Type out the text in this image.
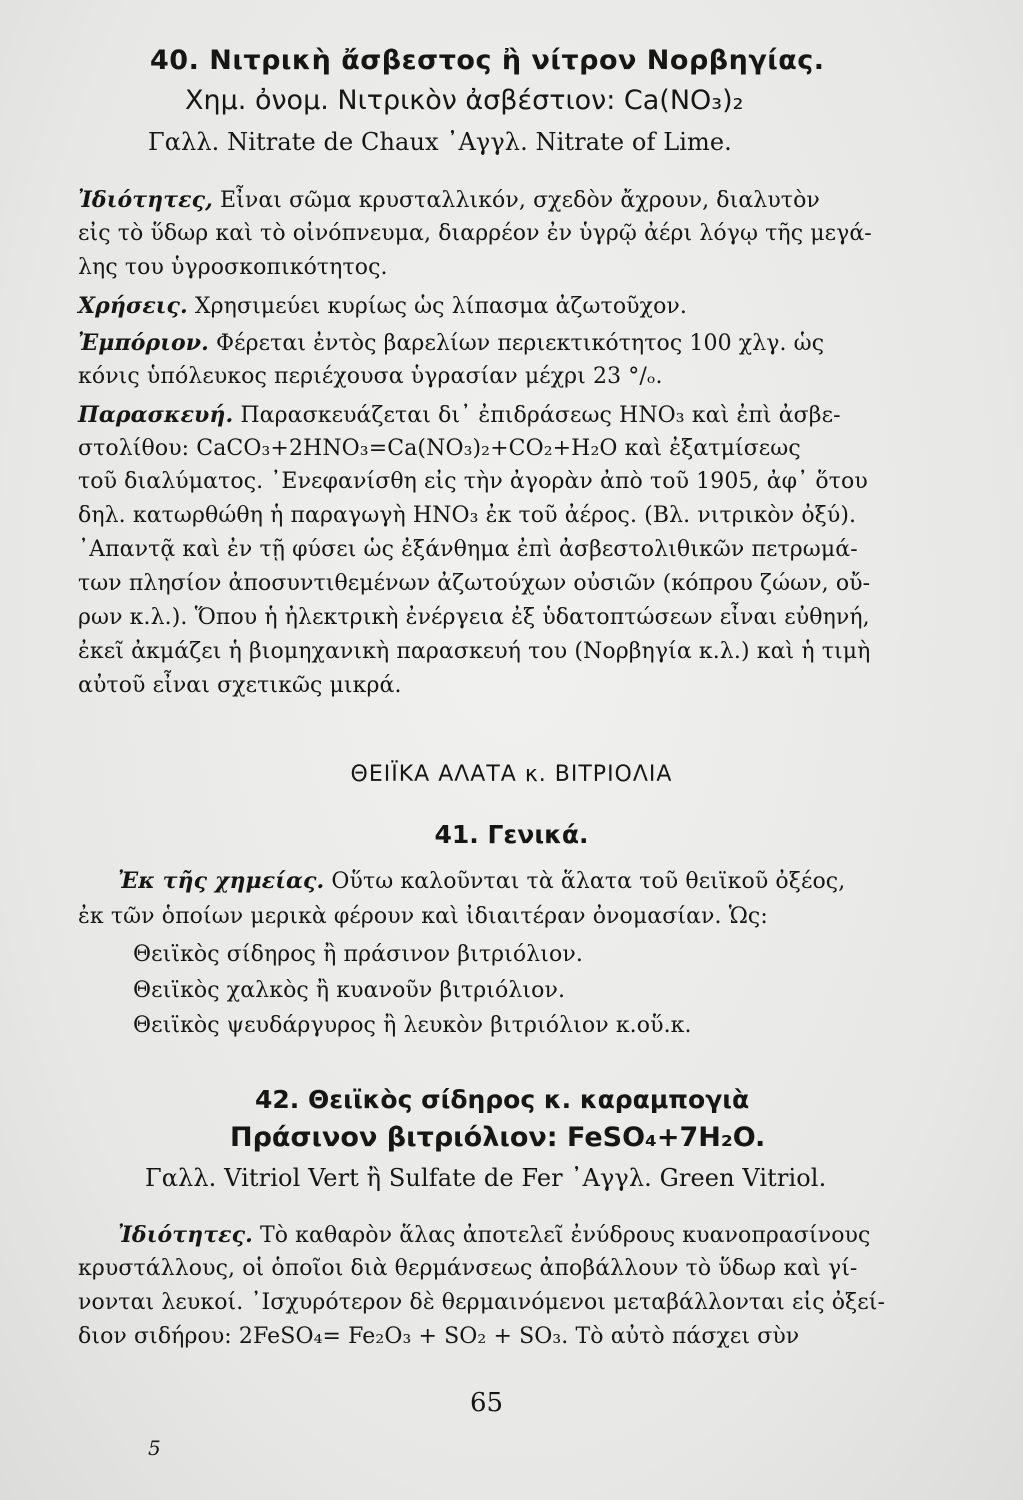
40. Νιτρικὴ ἄσβεστος ἢ νίτρον Νορβηγίας.
Χημ. ὀνομ. Νιτρικὸν ἀσβέστιον: Ca(NO₃)₂
Γαλλ. Nitrate de Chaux ᾿Αγγλ. Nitrate of Lime.
Ἰδιότητες, Εἶναι σῶμα κρυσταλλικόν, σχεδὸν ἄχρουν, διαλυτὸν
εἰς τὸ ὕδωρ καὶ τὸ οἰνόπνευμα, διαρρέον ἐν ὑγρῷ ἀέρι λόγῳ τῆς μεγά-
λης του ὑγροσκοπικότητος.
Χρήσεις. Χρησιμεύει κυρίως ὡς λίπασμα ἀζωτοῦχον.
Ἐμπόριον. Φέρεται ἐντὸς βαρελίων περιεκτικότητος 100 χλγ. ὡς
κόνις ὑπόλευκος περιέχουσα ὑγρασίαν μέχρι 23 °/ₒ.
Παρασκευή. Παρασκευάζεται δι᾿ ἐπιδράσεως HNO₃ καὶ ἐπὶ ἀσβε-
στολίθου: CaCO₃+2HNO₃=Ca(NO₃)₂+CO₂+H₂O καὶ ἐξατμίσεως
τοῦ διαλύματος. ᾿Ενεφανίσθη εἰς τὴν ἀγορὰν ἀπὸ τοῦ 1905, ἀφ᾿ ὅτου
δηλ. κατωρθώθη ἡ παραγωγὴ HNO₃ ἐκ τοῦ ἀέρος. (Βλ. νιτρικὸν ὀξύ).
᾿Απαντᾷ καὶ ἐν τῇ φύσει ὡς ἐξάνθημα ἐπὶ ἀσβεστολιθικῶν πετρωμά-
των πλησίον ἀποσυντιθεμένων ἀζωτούχων οὐσιῶν (κόπρου ζώων, οὔ-
ρων κ.λ.). Ὅπου ἡ ἠλεκτρικὴ ἐνέργεια ἐξ ὑδατοπτώσεων εἶναι εὐθηνή,
ἐκεῖ ἀκμάζει ἡ βιομηχανικὴ παρασκευή του (Νορβηγία κ.λ.) καὶ ἡ τιμὴ
αὐτοῦ εἶναι σχετικῶς μικρά.
ΘΕΙΪΚΑ ΑΛΑΤΑ κ. ΒΙΤΡΙΟΛΙΑ
41. Γενικά.
Ἐκ τῆς χημείας. Οὕτω καλοῦνται τὰ ἅλατα τοῦ θειϊκοῦ ὀξέος,
ἐκ τῶν ὁποίων μερικὰ φέρουν καὶ ἰδιαιτέραν ὀνομασίαν. Ὡς:
Θειϊκὸς σίδηρος ἢ πράσινον βιτριόλιον.
Θειϊκὸς χαλκὸς ἢ κυανοῦν βιτριόλιον.
Θειϊκὸς ψευδάργυρος ἢ λευκὸν βιτριόλιον κ.οὕ.κ.
42. Θειϊκὸς σίδηρος κ. καραμπογιὰ
Πράσινον βιτριόλιον: FeSO₄+7H₂O.
Γαλλ. Vitriol Vert ἢ Sulfate de Fer ᾿Αγγλ. Green Vitriol.
Ἰδιότητες. Τὸ καθαρὸν ἅλας ἀποτελεῖ ἐνύδρους κυανοπρασίνους
κρυστάλλους, οἱ ὁποῖοι διὰ θερμάνσεως ἀποβάλλουν τὸ ὕδωρ καὶ γί-
νονται λευκοί. ᾿Ισχυρότερον δὲ θερμαινόμενοι μεταβάλλονται εἰς ὀξεί-
διον σιδήρου: 2FeSO₄= Fe₂O₃ + SO₂ + SO₃. Τὸ αὐτὸ πάσχει σὺν
65
5
